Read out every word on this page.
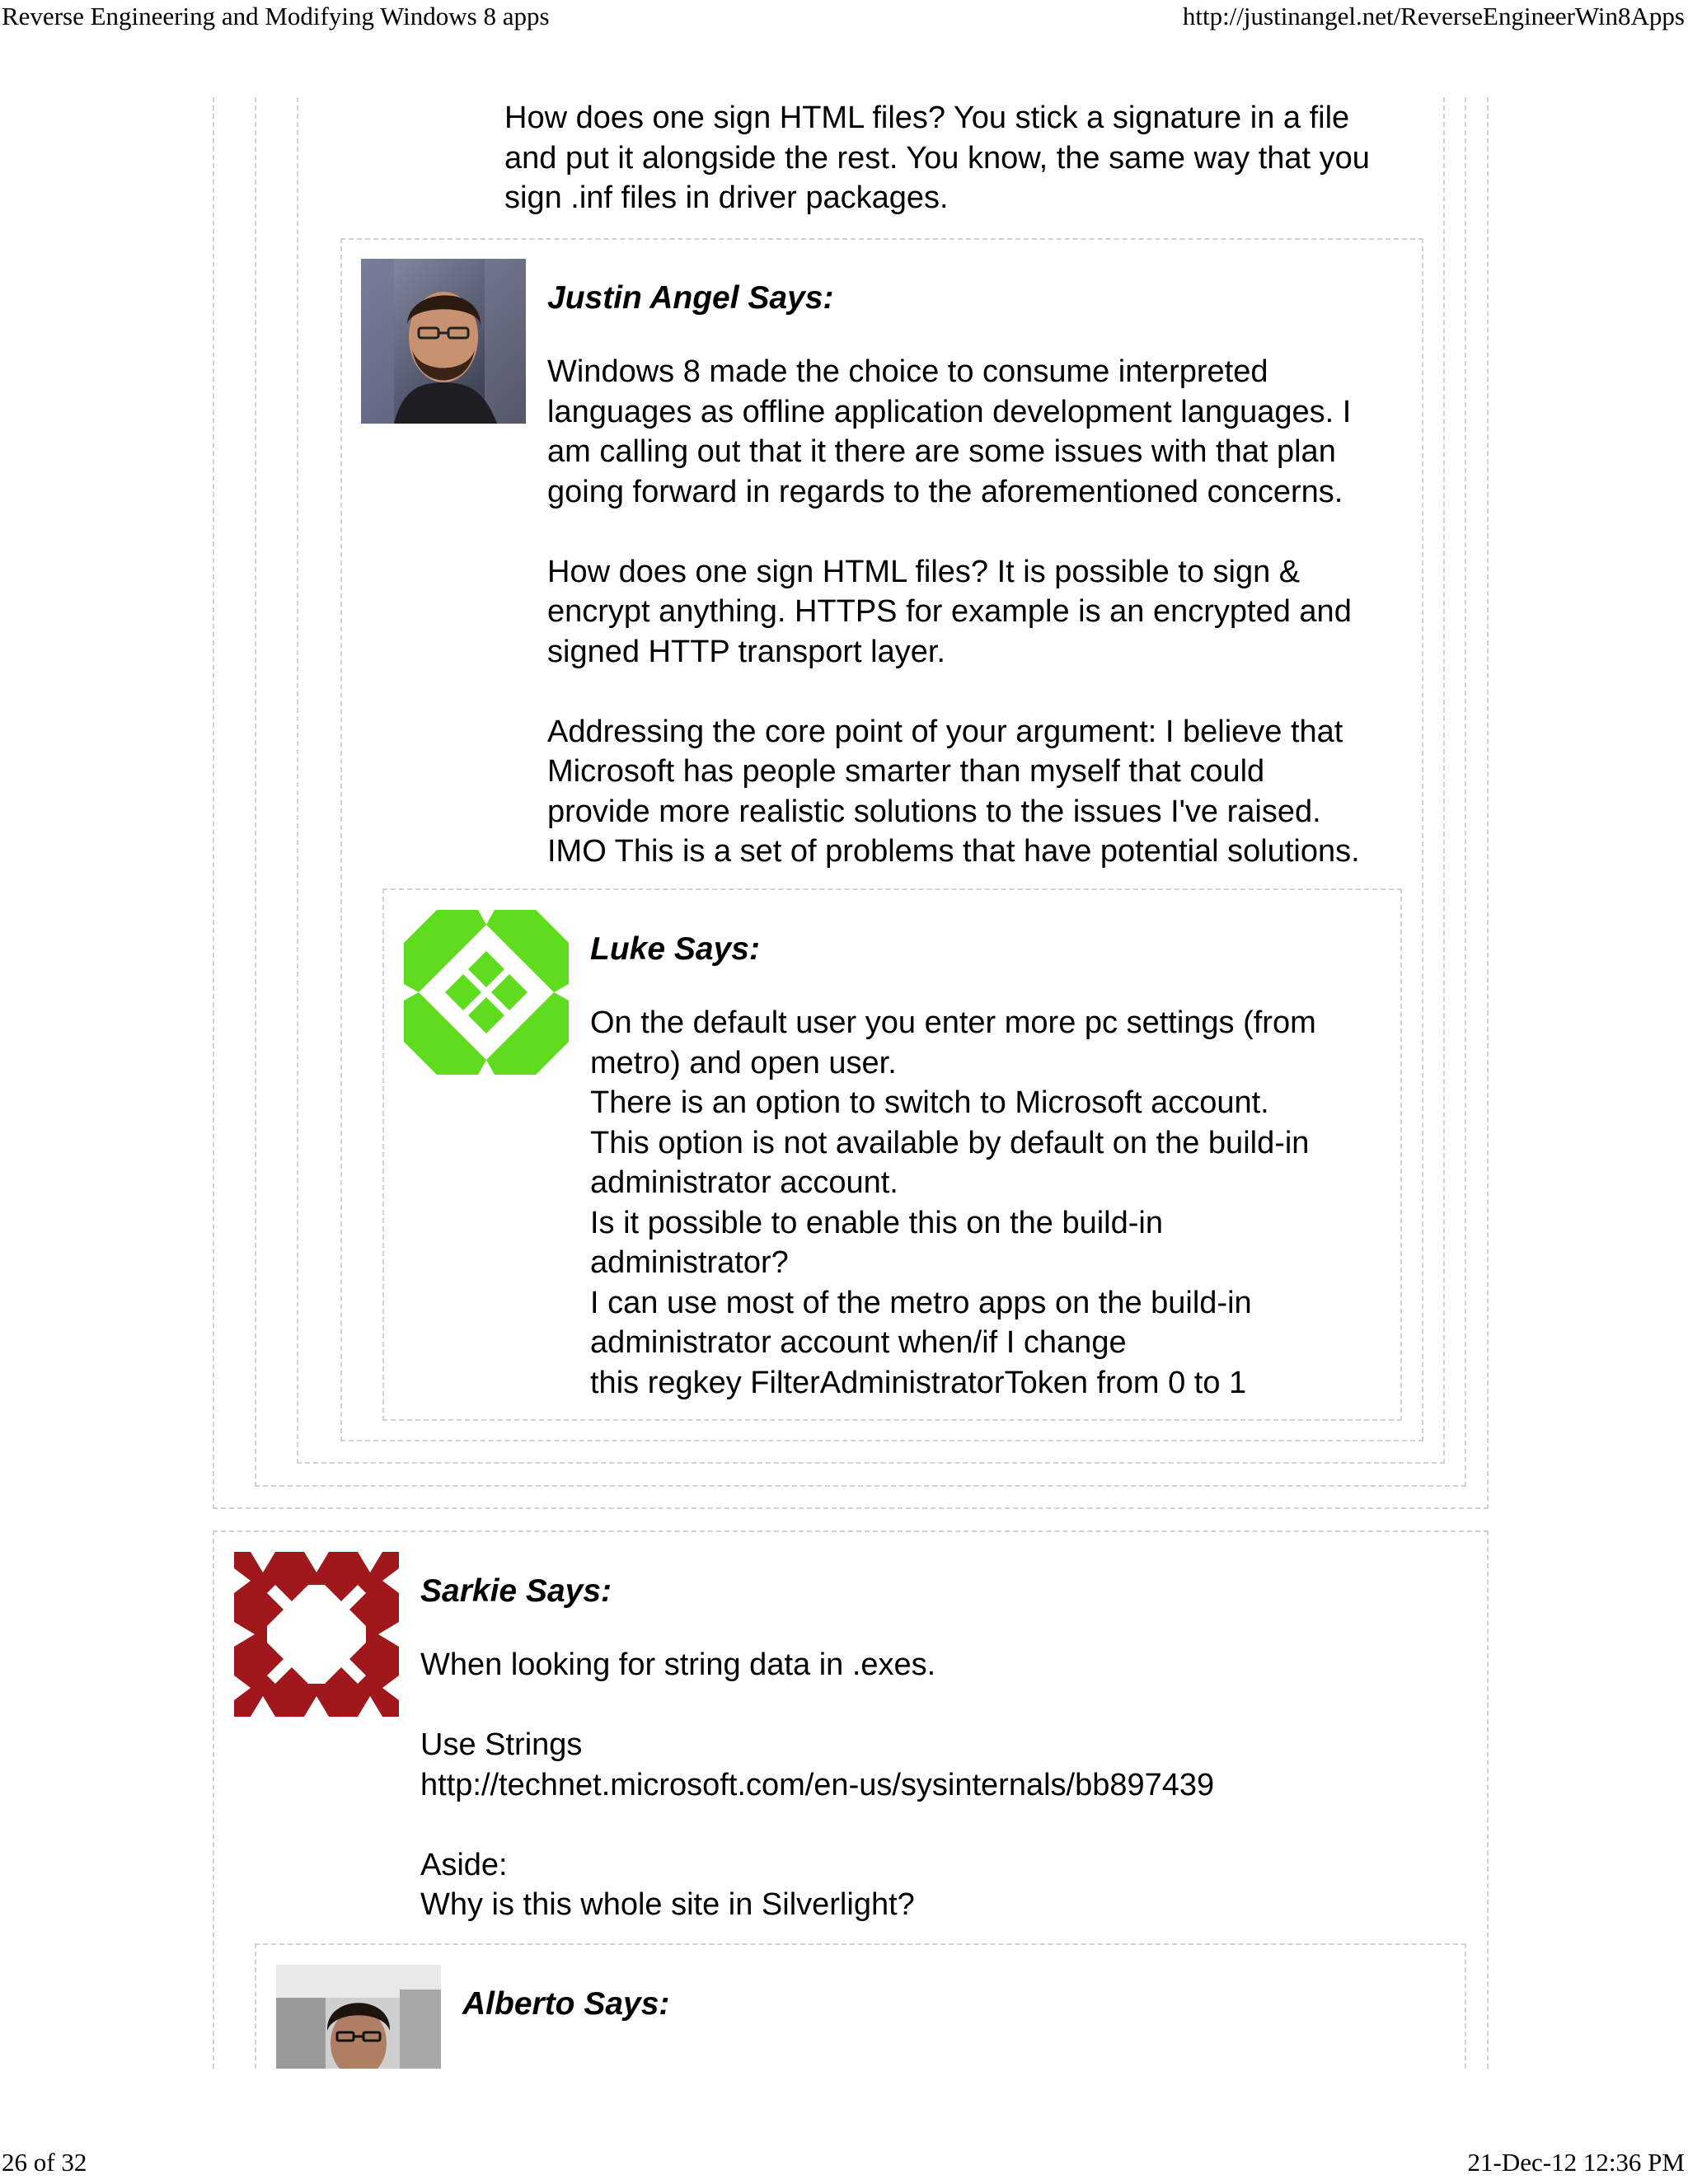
Reverse Engineering and Modifying Windows 8 apps	http://justinangel.net/ReverseEngineerWin8Apps
How does one sign HTML files? You stick a signature in a file
and put it alongside the rest. You know, the same way that you
sign .inf files in driver packages.
Justin Angel Says:
Windows 8 made the choice to consume interpreted
languages as offline application development languages. I
am calling out that it there are some issues with that plan
going forward in regards to the aforementioned concerns.
How does one sign HTML files? It is possible to sign &
encrypt anything. HTTPS for example is an encrypted and
signed HTTP transport layer.
Addressing the core point of your argument: I believe that
Microsoft has people smarter than myself that could
provide more realistic solutions to the issues I've raised.
IMO This is a set of problems that have potential solutions.
Luke Says:
On the default user you enter more pc settings (from
metro) and open user.
There is an option to switch to Microsoft account.
This option is not available by default on the build-in
administrator account.
Is it possible to enable this on the build-in
administrator?
I can use most of the metro apps on the build-in
administrator account when/if I change
this regkey FilterAdministratorToken from 0 to 1
Sarkie Says:
When looking for string data in .exes.
Use Strings
http://technet.microsoft.com/en-us/sysinternals/bb897439
Aside:
Why is this whole site in Silverlight?
Alberto Says:
26 of 32	21-Dec-12 12:36 PM
